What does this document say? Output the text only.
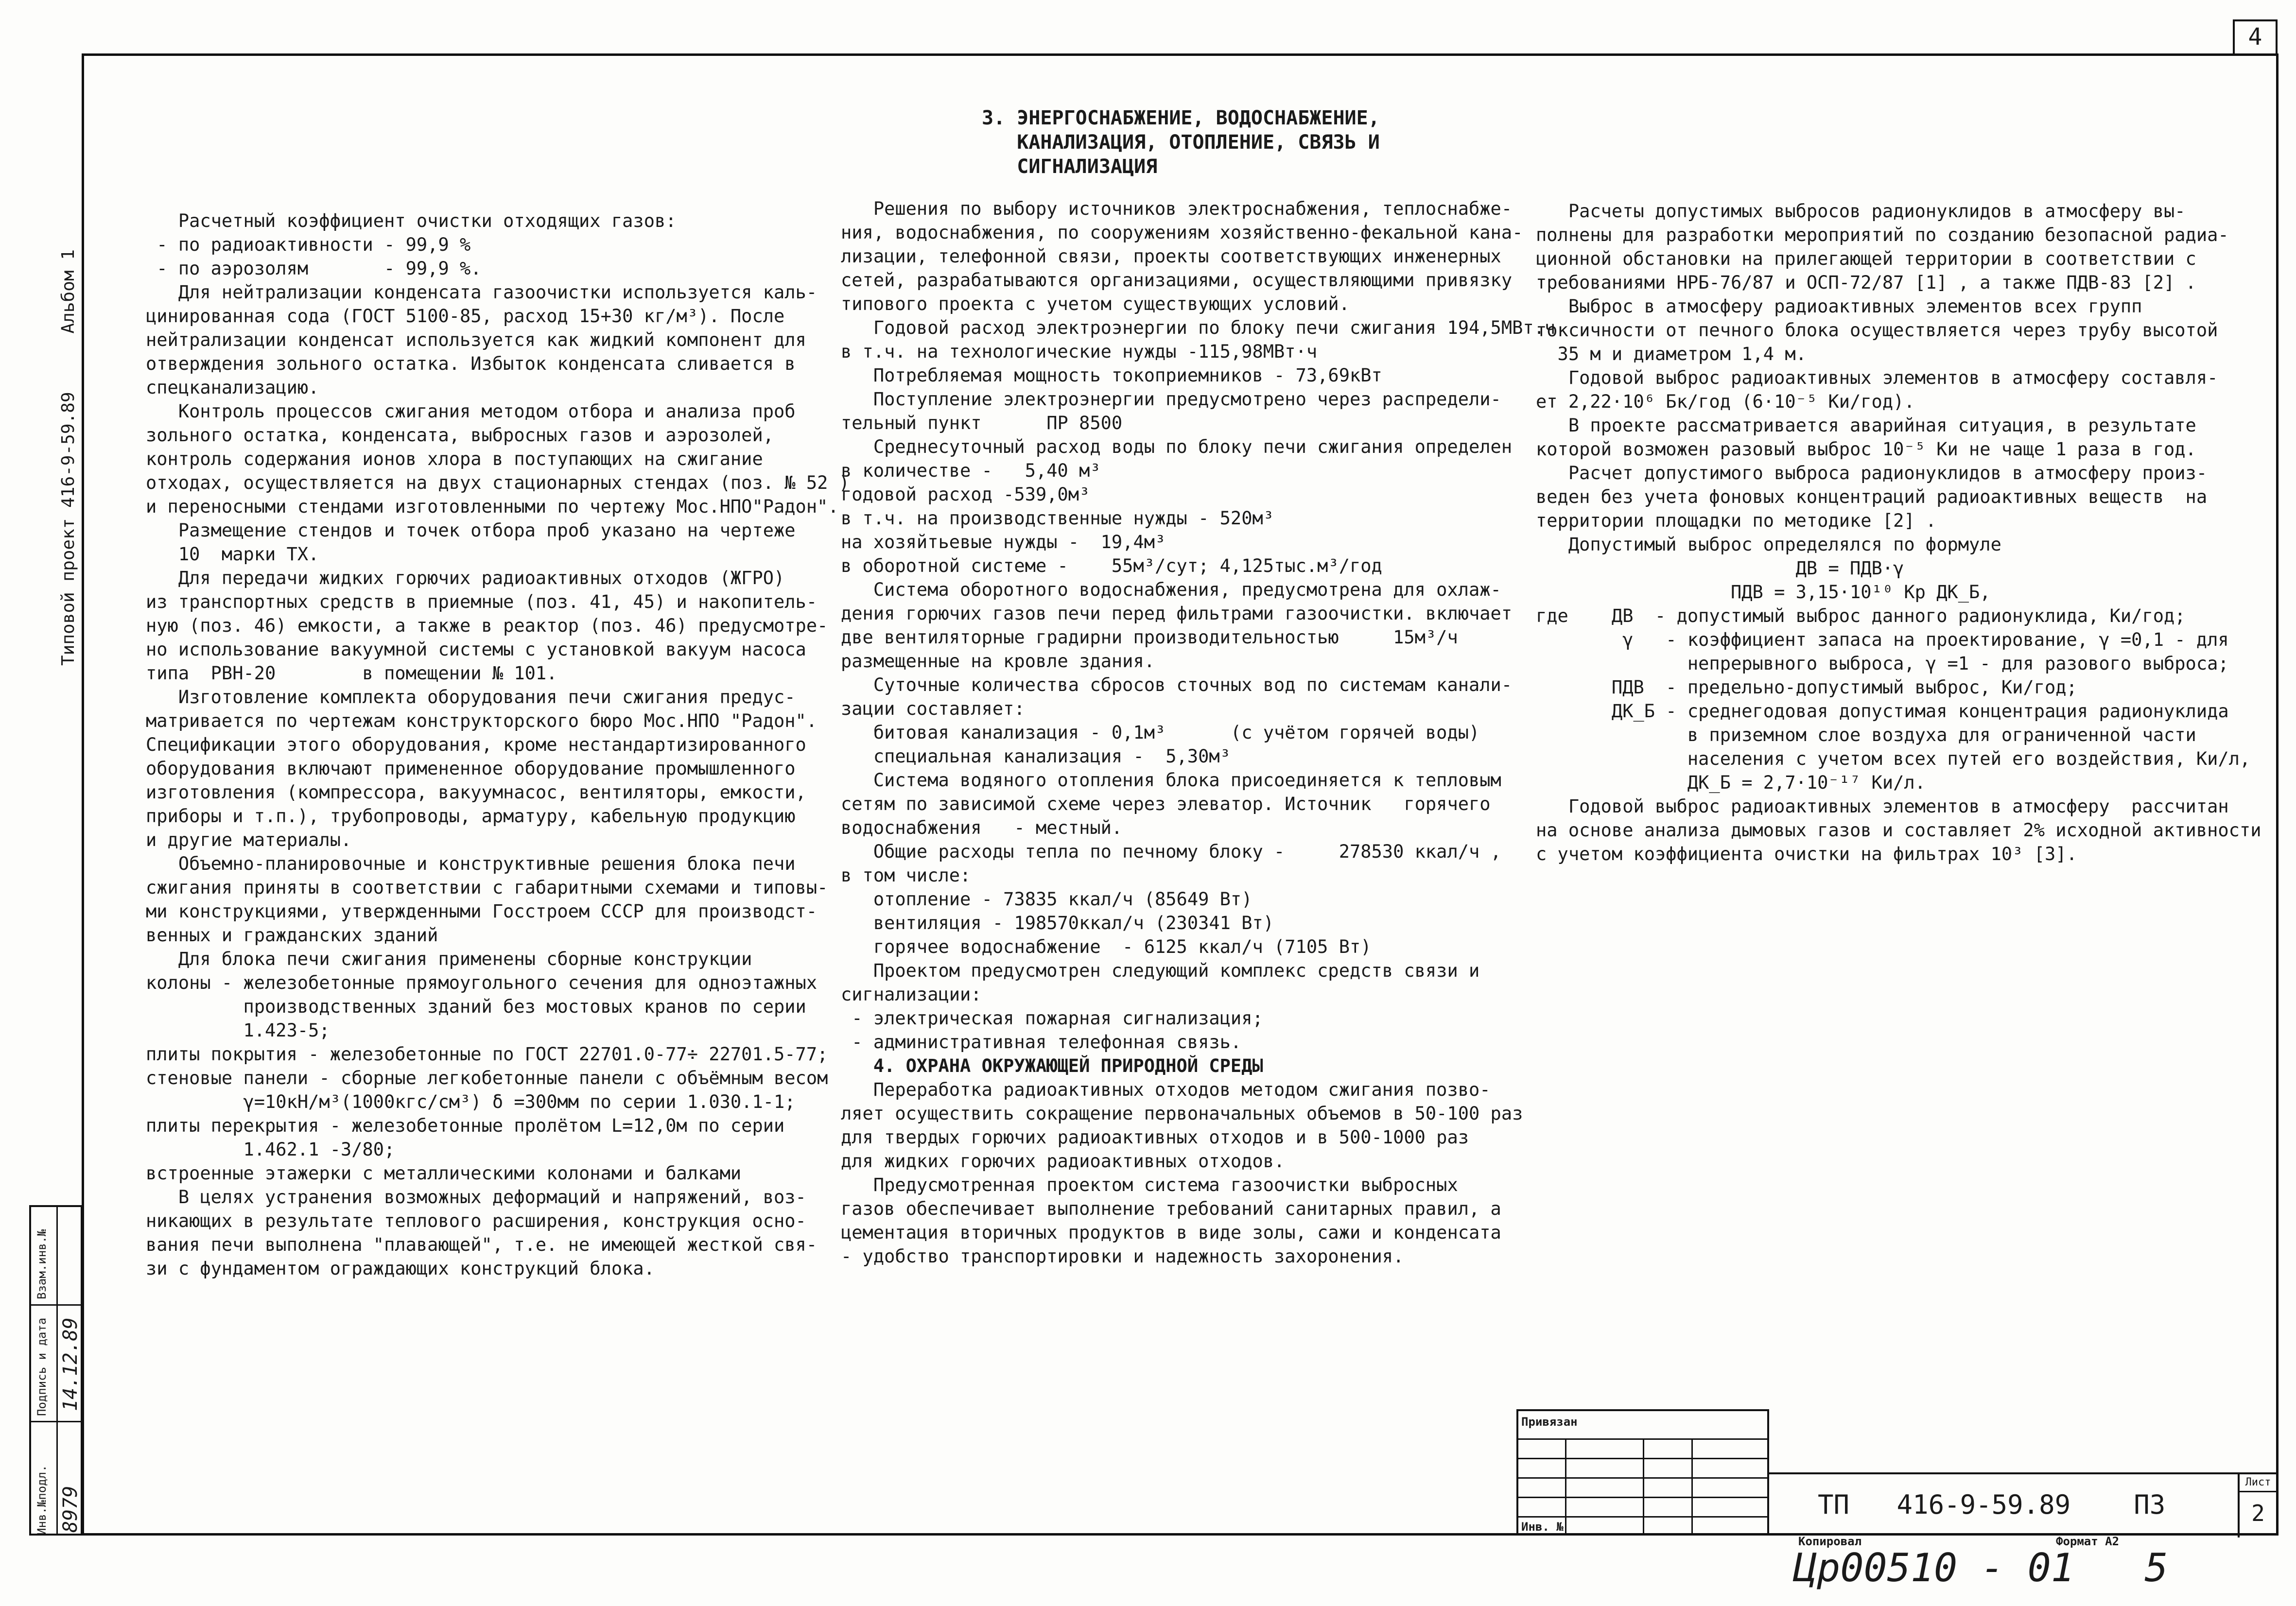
4
Типовой проект 416-9-59.89Альбом 1
3. ЭНЕРГОСНАБЖЕНИЕ, ВОДОСНАБЖЕНИЕ,
КАНАЛИЗАЦИЯ, ОТОПЛЕНИЕ, СВЯЗЬ И
СИГНАЛИЗАЦИЯ

Расчетный коэффициент очистки отходящих газов:

- по радиоактивности - 99,9 %

- по аэрозолям       - 99,9 %.

Для нейтрализации конденсата газоочистки используется каль-

цинированная сода (ГОСТ 5100-85, расход 15+30 кг/м³). После

нейтрализации конденсат используется как жидкий компонент для

отверждения зольного остатка. Избыток конденсата сливается в

спецканализацию.

Контроль процессов сжигания методом отбора и анализа проб

зольного остатка, конденсата, выбросных газов и аэрозолей,

контроль содержания ионов хлора в поступающих на сжигание

отходах, осуществляется на двух стационарных стендах (поз. № 52 )

и переносными стендами изготовленными по чертежу Мос.НПО"Радон".

Размещение стендов и точек отбора проб указано на чертеже

10  марки ТХ.

Для передачи жидких горючих радиоактивных отходов (ЖГРО)

из транспортных средств в приемные (поз. 41, 45) и накопитель-

ную (поз. 46) емкости, а также в реактор (поз. 46) предусмотре-

но использование вакуумной системы с установкой вакуум насоса

типа  РВН-20        в помещении № 101.

Изготовление комплекта оборудования печи сжигания предус-

матривается по чертежам конструкторского бюро Мос.НПО "Радон".

Спецификации этого оборудования, кроме нестандартизированного

оборудования включают примененное оборудование промышленного

изготовления (компрессора, вакуумнасос, вентиляторы, емкости,

приборы и т.п.), трубопроводы, арматуру, кабельную продукцию

и другие материалы.

Объемно-планировочные и конструктивные решения блока печи

сжигания приняты в соответствии с габаритными схемами и типовы-

ми конструкциями, утвержденными Госстроем СССР для производст-

венных и гражданских зданий

Для блока печи сжигания применены сборные конструкции

колоны - железобетонные прямоугольного сечения для одноэтажных

производственных зданий без мостовых кранов по серии

1.423-5;

плиты покрытия - железобетонные по ГОСТ 22701.0-77÷ 22701.5-77;

стеновые панели - сборные легкобетонные панели с объёмным весом

γ=10кН/м³(1000кгс/см³) δ =300мм по серии 1.030.1-1;

плиты перекрытия - железобетонные пролётом L=12,0м по серии

1.462.1 -3/80;

встроенные этажерки с металлическими колонами и балками

В целях устранения возможных деформаций и напряжений, воз-

никающих в результате теплового расширения, конструкция осно-

вания печи выполнена "плавающей", т.е. не имеющей жесткой свя-

зи с фундаментом ограждающих конструкций блока.

Решения по выбору источников электроснабжения, теплоснабже-

ния, водоснабжения, по сооружениям хозяйственно-фекальной кана-

лизации, телефонной связи, проекты соответствующих инженерных

сетей, разрабатываются организациями, осуществляющими привязку

типового проекта с учетом существующих условий.

Годовой расход электроэнергии по блоку печи сжигания 194,5МВт.ч

в т.ч. на технологические нужды -115,98МВт·ч

Потребляемая мощность токоприемников - 73,69кВт

Поступление электроэнергии предусмотрено через распредели-

тельный пункт      ПР 8500

Среднесуточный расход воды по блоку печи сжигания определен

в количестве -   5,40 м³

годовой расход -539,0м³

в т.ч. на производственные нужды - 520м³

на хозяйтьевые нужды -  19,4м³

в оборотной системе -    55м³/сут; 4,125тыс.м³/год

Система оборотного водоснабжения, предусмотрена для охлаж-

дения горючих газов печи перед фильтрами газоочистки. включает

две вентиляторные градирни производительностью     15м³/ч

размещенные на кровле здания.

Суточные количества сбросов сточных вод по системам канали-

зации составляет:

битовая канализация - 0,1м³      (с учётом горячей воды)

специальная канализация -  5,30м³

Система водяного отопления блока присоединяется к тепловым

сетям по зависимой схеме через элеватор. Источник   горячего

водоснабжения   - местный.

Общие расходы тепла по печному блоку -     278530 ккал/ч ,

в том числе:

отопление - 73835 ккал/ч (85649 Вт)

вентиляция - 198570ккал/ч (230341 Вт)

горячее водоснабжение  - 6125 ккал/ч (7105 Вт)

Проектом предусмотрен следующий комплекс средств связи и

сигнализации:

- электрическая пожарная сигнализация;

- административная телефонная связь.

4. ОХРАНА ОКРУЖАЮЩЕЙ ПРИРОДНОЙ СРЕДЫ

Переработка радиоактивных отходов методом сжигания позво-

ляет осуществить сокращение первоначальных объемов в 50-100 раз

для твердых горючих радиоактивных отходов и в 500-1000 раз

для жидких горючих радиоактивных отходов.

Предусмотренная проектом система газоочистки выбросных

газов обеспечивает выполнение требований санитарных правил, а

цементация вторичных продуктов в виде золы, сажи и конденсата

- удобство транспортировки и надежность захоронения.

Расчеты допустимых выбросов радионуклидов в атмосферу вы-

полнены для разработки мероприятий по созданию безопасной радиа-

ционной обстановки на прилегающей территории в соответствии с

требованиями НРБ-76/87 и ОСП-72/87 [1] , а также ПДВ-83 [2] .

Выброс в атмосферу радиоактивных элементов всех групп

токсичности от печного блока осуществляется через трубу высотой

35 м и диаметром 1,4 м.

Годовой выброс радиоактивных элементов в атмосферу составля-

ет 2,22·10⁶ Бк/год (6·10⁻⁵ Ки/год).

В проекте рассматривается аварийная ситуация, в результате

которой возможен разовый выброс 10⁻⁵ Ки не чаще 1 раза в год.

Расчет допустимого выброса радионуклидов в атмосферу произ-

веден без учета фоновых концентраций радиоактивных веществ  на

территории площадки по методике [2] .

Допустимый выброс определялся по формуле

ДВ = ПДВ·γ

ПДВ = 3,15·10¹⁰ Кр ДК_Б,

где    ДВ  - допустимый выброс данного радионуклида, Ки/год;

γ   - коэффициент запаса на проектирование, γ =0,1 - для

непрерывного выброса, γ =1 - для разового выброса;

ПДВ  - предельно-допустимый выброс, Ки/год;

ДК_Б - среднегодовая допустимая концентрация радионуклида

в приземном слое воздуха для ограниченной части

населения с учетом всех путей его воздействия, Ки/л,

ДК_Б = 2,7·10⁻¹⁷ Ки/л.

Годовой выброс радиоактивных элементов в атмосферу  рассчитан

на основе анализа дымовых газов и составляет 2% исходной активности

с учетом коэффициента очистки на фильтрах 10³ [3].

Инв.№подл. 8979
Подпись и дата 14.12.89
Взам.инв.№
Привязан
Инв. №
Лист
2
ТП   416-9-59.89    ПЗ
Копировал	Формат А2
Цр00510 - 01   5
